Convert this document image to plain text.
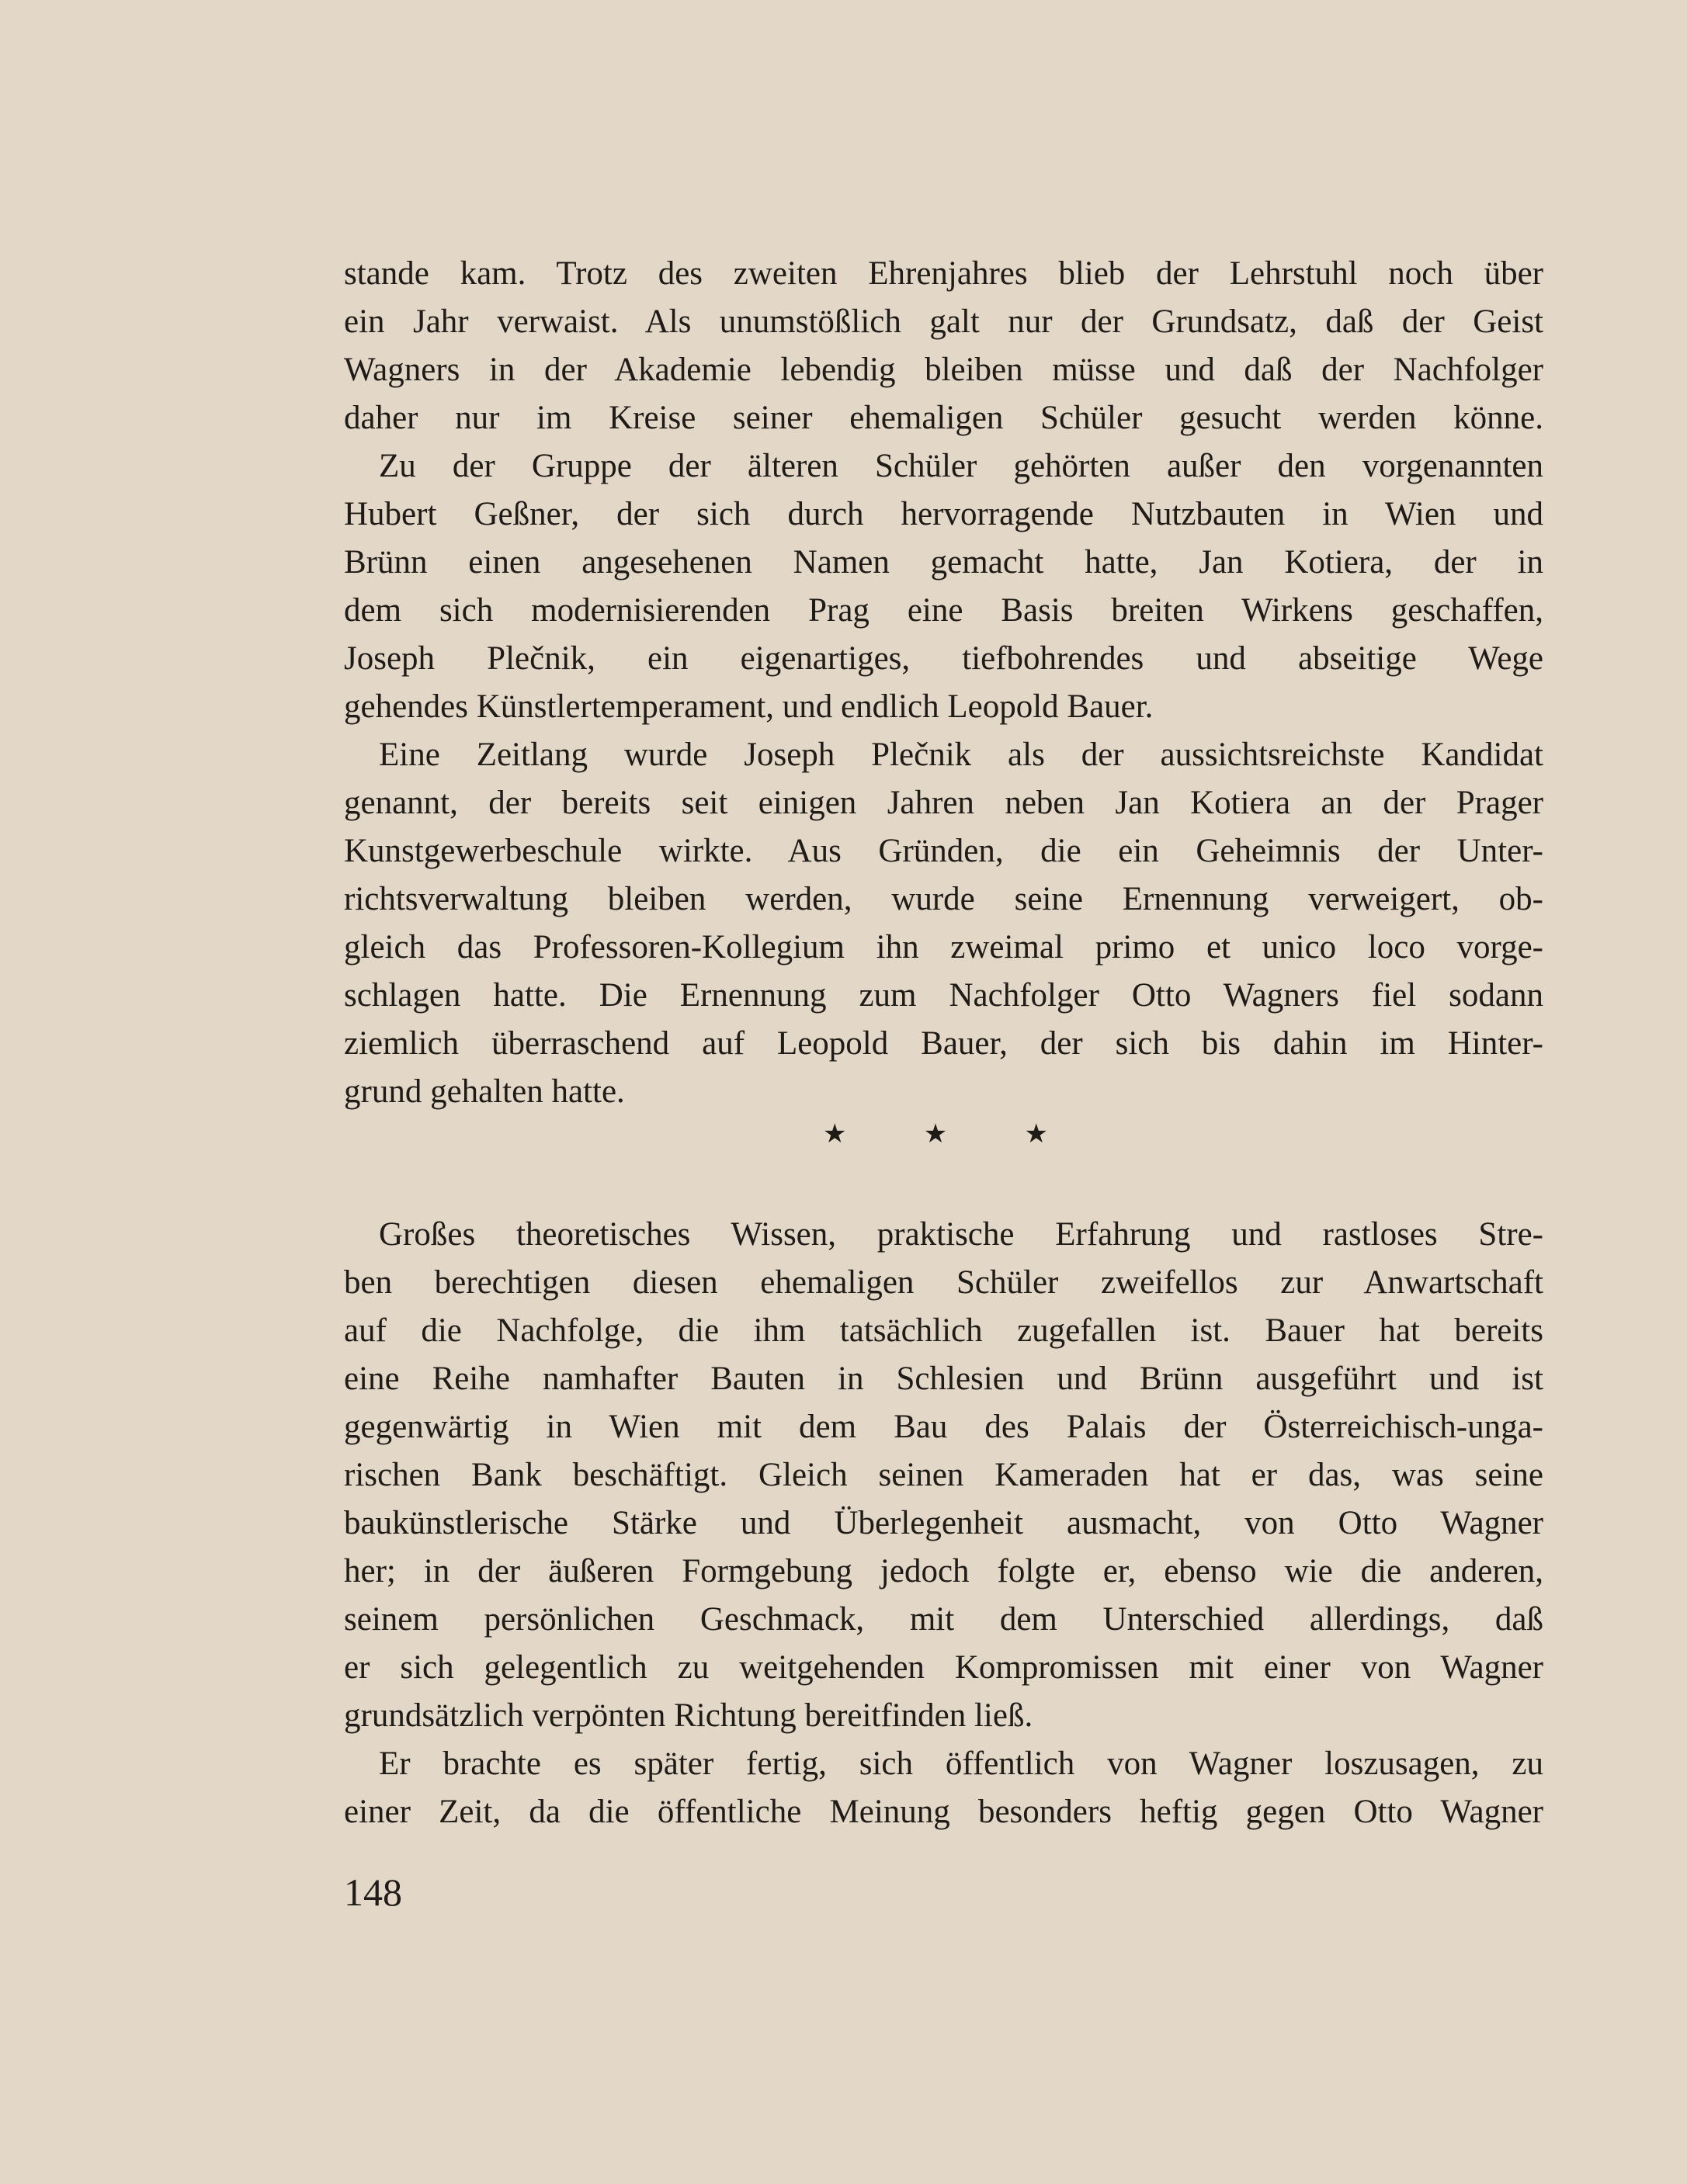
stande kam. Trotz des zweiten Ehrenjahres blieb der Lehrstuhl noch über
ein Jahr verwaist. Als unumstößlich galt nur der Grundsatz, daß der Geist
Wagners in der Akademie lebendig bleiben müsse und daß der Nachfolger
daher nur im Kreise seiner ehemaligen Schüler gesucht werden könne.
Zu der Gruppe der älteren Schüler gehörten außer den vorgenannten
Hubert Geßner, der sich durch hervorragende Nutzbauten in Wien und
Brünn einen angesehenen Namen gemacht hatte, Jan Kotiera, der in
dem sich modernisierenden Prag eine Basis breiten Wirkens geschaffen,
Joseph Plečnik, ein eigenartiges, tiefbohrendes und abseitige Wege
gehendes Künstlertemperament, und endlich Leopold Bauer.
Eine Zeitlang wurde Joseph Plečnik als der aussichtsreichste Kandidat
genannt, der bereits seit einigen Jahren neben Jan Kotiera an der Prager
Kunstgewerbeschule wirkte. Aus Gründen, die ein Geheimnis der Unter-
richtsverwaltung bleiben werden, wurde seine Ernennung verweigert, ob-
gleich das Professoren-Kollegium ihn zweimal primo et unico loco vorge-
schlagen hatte. Die Ernennung zum Nachfolger Otto Wagners fiel sodann
ziemlich überraschend auf Leopold Bauer, der sich bis dahin im Hinter-
grund gehalten hatte.
★ ★ ★
Großes theoretisches Wissen, praktische Erfahrung und rastloses Stre-
ben berechtigen diesen ehemaligen Schüler zweifellos zur Anwartschaft
auf die Nachfolge, die ihm tatsächlich zugefallen ist. Bauer hat bereits
eine Reihe namhafter Bauten in Schlesien und Brünn ausgeführt und ist
gegenwärtig in Wien mit dem Bau des Palais der Österreichisch-unga-
rischen Bank beschäftigt. Gleich seinen Kameraden hat er das, was seine
baukünstlerische Stärke und Überlegenheit ausmacht, von Otto Wagner
her; in der äußeren Formgebung jedoch folgte er, ebenso wie die anderen,
seinem persönlichen Geschmack, mit dem Unterschied allerdings, daß
er sich gelegentlich zu weitgehenden Kompromissen mit einer von Wagner
grundsätzlich verpönten Richtung bereitfinden ließ.
Er brachte es später fertig, sich öffentlich von Wagner loszusagen, zu
einer Zeit, da die öffentliche Meinung besonders heftig gegen Otto Wagner
148
